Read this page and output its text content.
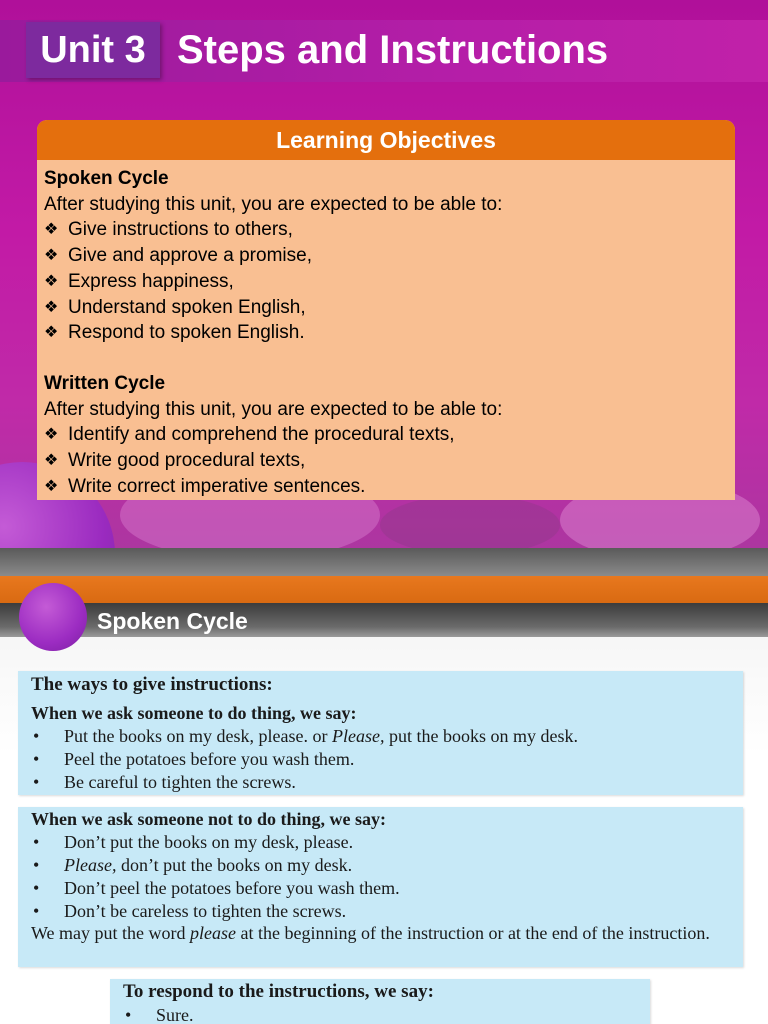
Unit 3 Steps and Instructions
Learning Objectives
Spoken Cycle
After studying this unit, you are expected to be able to:
❖ Give instructions to others,
❖ Give and approve a promise,
❖ Express happiness,
❖ Understand spoken English,
❖ Respond to spoken English.
Written Cycle
After studying this unit, you are expected to be able to:
❖ Identify and comprehend the procedural texts,
❖ Write good procedural texts,
❖ Write correct imperative sentences.
Spoken Cycle
The ways to give instructions:
When we ask someone to do thing, we say:
•	Put the books on my desk, please. or Please, put the books on my desk.
•	Peel the potatoes before you wash them.
•	Be careful to tighten the screws.
When we ask someone not to do thing, we say:
•	Don’t put the books on my desk, please.
•	Please, don’t put the books on my desk.
•	Don’t peel the potatoes before you wash them.
•	Don’t be careless to tighten the screws.
We may put the word please at the beginning of the instruction or at the end of the instruction.
To respond to the instructions, we say:
•	Sure.
